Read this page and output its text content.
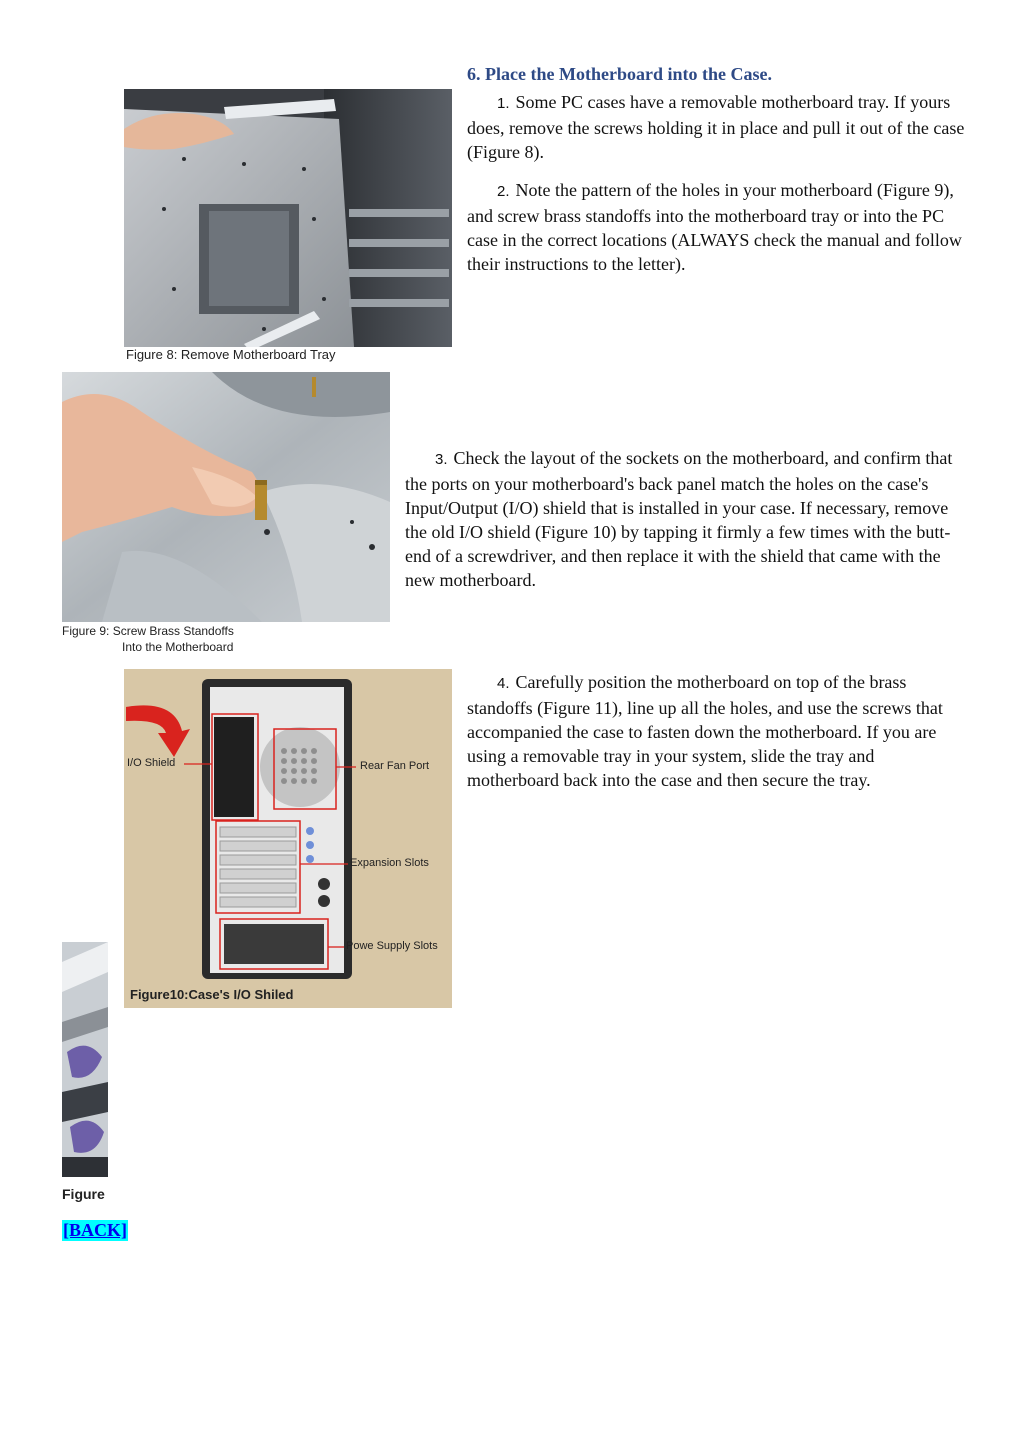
6. Place the Motherboard into the Case.
1. Some PC cases have a removable motherboard tray. If yours does, remove the screws holding it in place and pull it out of the case (Figure 8).
2. Note the pattern of the holes in your motherboard (Figure 9), and screw brass standoffs into the motherboard tray or into the PC case in the correct locations (ALWAYS check the manual and follow their instructions to the letter).
Figure 8: Remove Motherboard Tray
Figure 9: Screw Brass Standoffs
Into the Motherboard
3. Check the layout of the sockets on the motherboard, and confirm that the ports on your motherboard's back panel match the holes on the case's Input/Output (I/O) shield that is installed in your case. If necessary, remove the old I/O shield (Figure 10) by tapping it firmly a few times with the butt-end of a screwdriver, and then replace it with the shield that came with the new motherboard.
4. Carefully position the motherboard on top of the brass standoffs (Figure 11), line up all the holes, and use the screws that accompanied the case to fasten down the motherboard. If you are using a removable tray in your system, slide the tray and motherboard back into the case and then secure the tray.
Figure
I/O Shield	Rear Fan Port
Expansion Slots
Powe Supply Slots
Figure10:Case's I/O Shiled
[BACK]
